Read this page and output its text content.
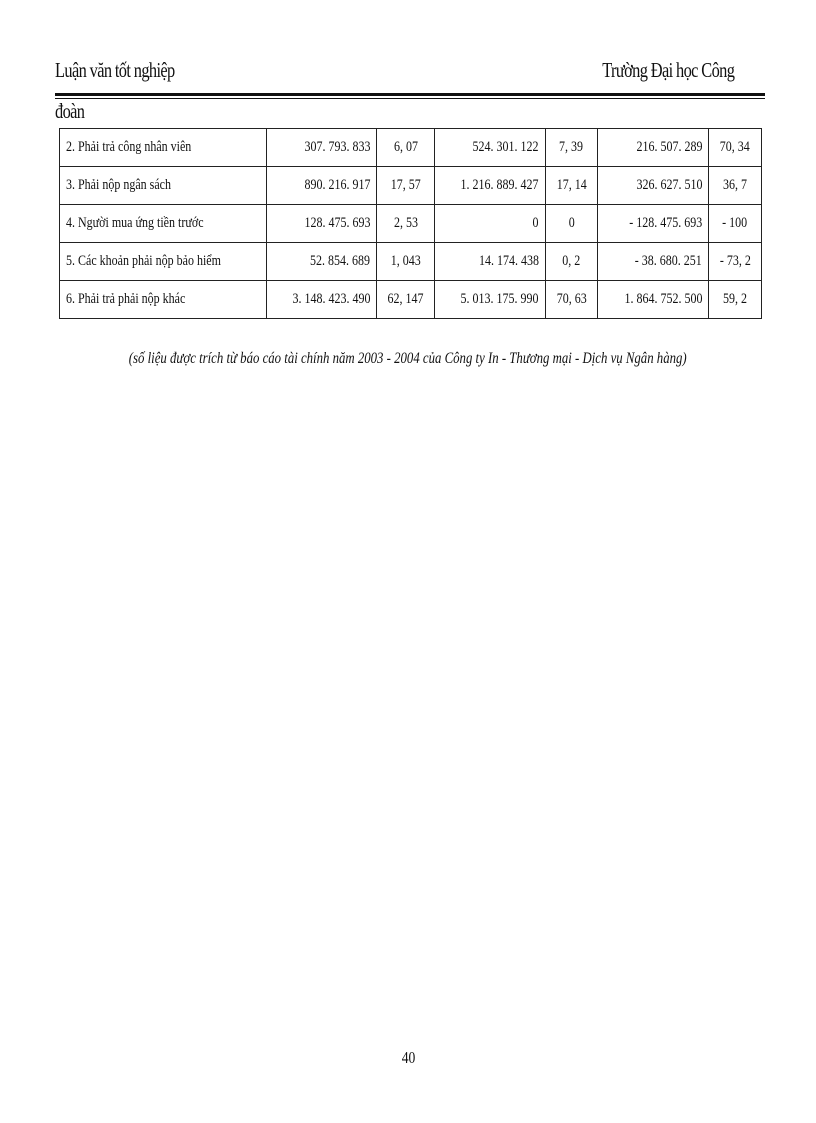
Luận văn tốt nghiệp	Trường Đại học Công
đoàn
2. Phải trả công nhân viên	307. 793. 833	6, 07	524. 301. 122	7, 39	216. 507. 289	70, 34
3. Phải nộp ngân sách	890. 216. 917	17, 57	1. 216. 889. 427	17, 14	326. 627. 510	36, 7
4. Người mua ứng tiền trước	128. 475. 693	2, 53	0	0	- 128. 475. 693	- 100
5. Các khoản phải nộp bảo hiểm	52. 854. 689	1, 043	14. 174. 438	0, 2	- 38. 680. 251	- 73, 2
6. Phải trả phải nộp khác	3. 148. 423. 490	62, 147	5. 013. 175. 990	70, 63	1. 864. 752. 500	59, 2
(số liệu được trích từ báo cáo tài chính năm 2003 - 2004 của Công ty In - Thương mại - Dịch vụ Ngân hàng)
40
